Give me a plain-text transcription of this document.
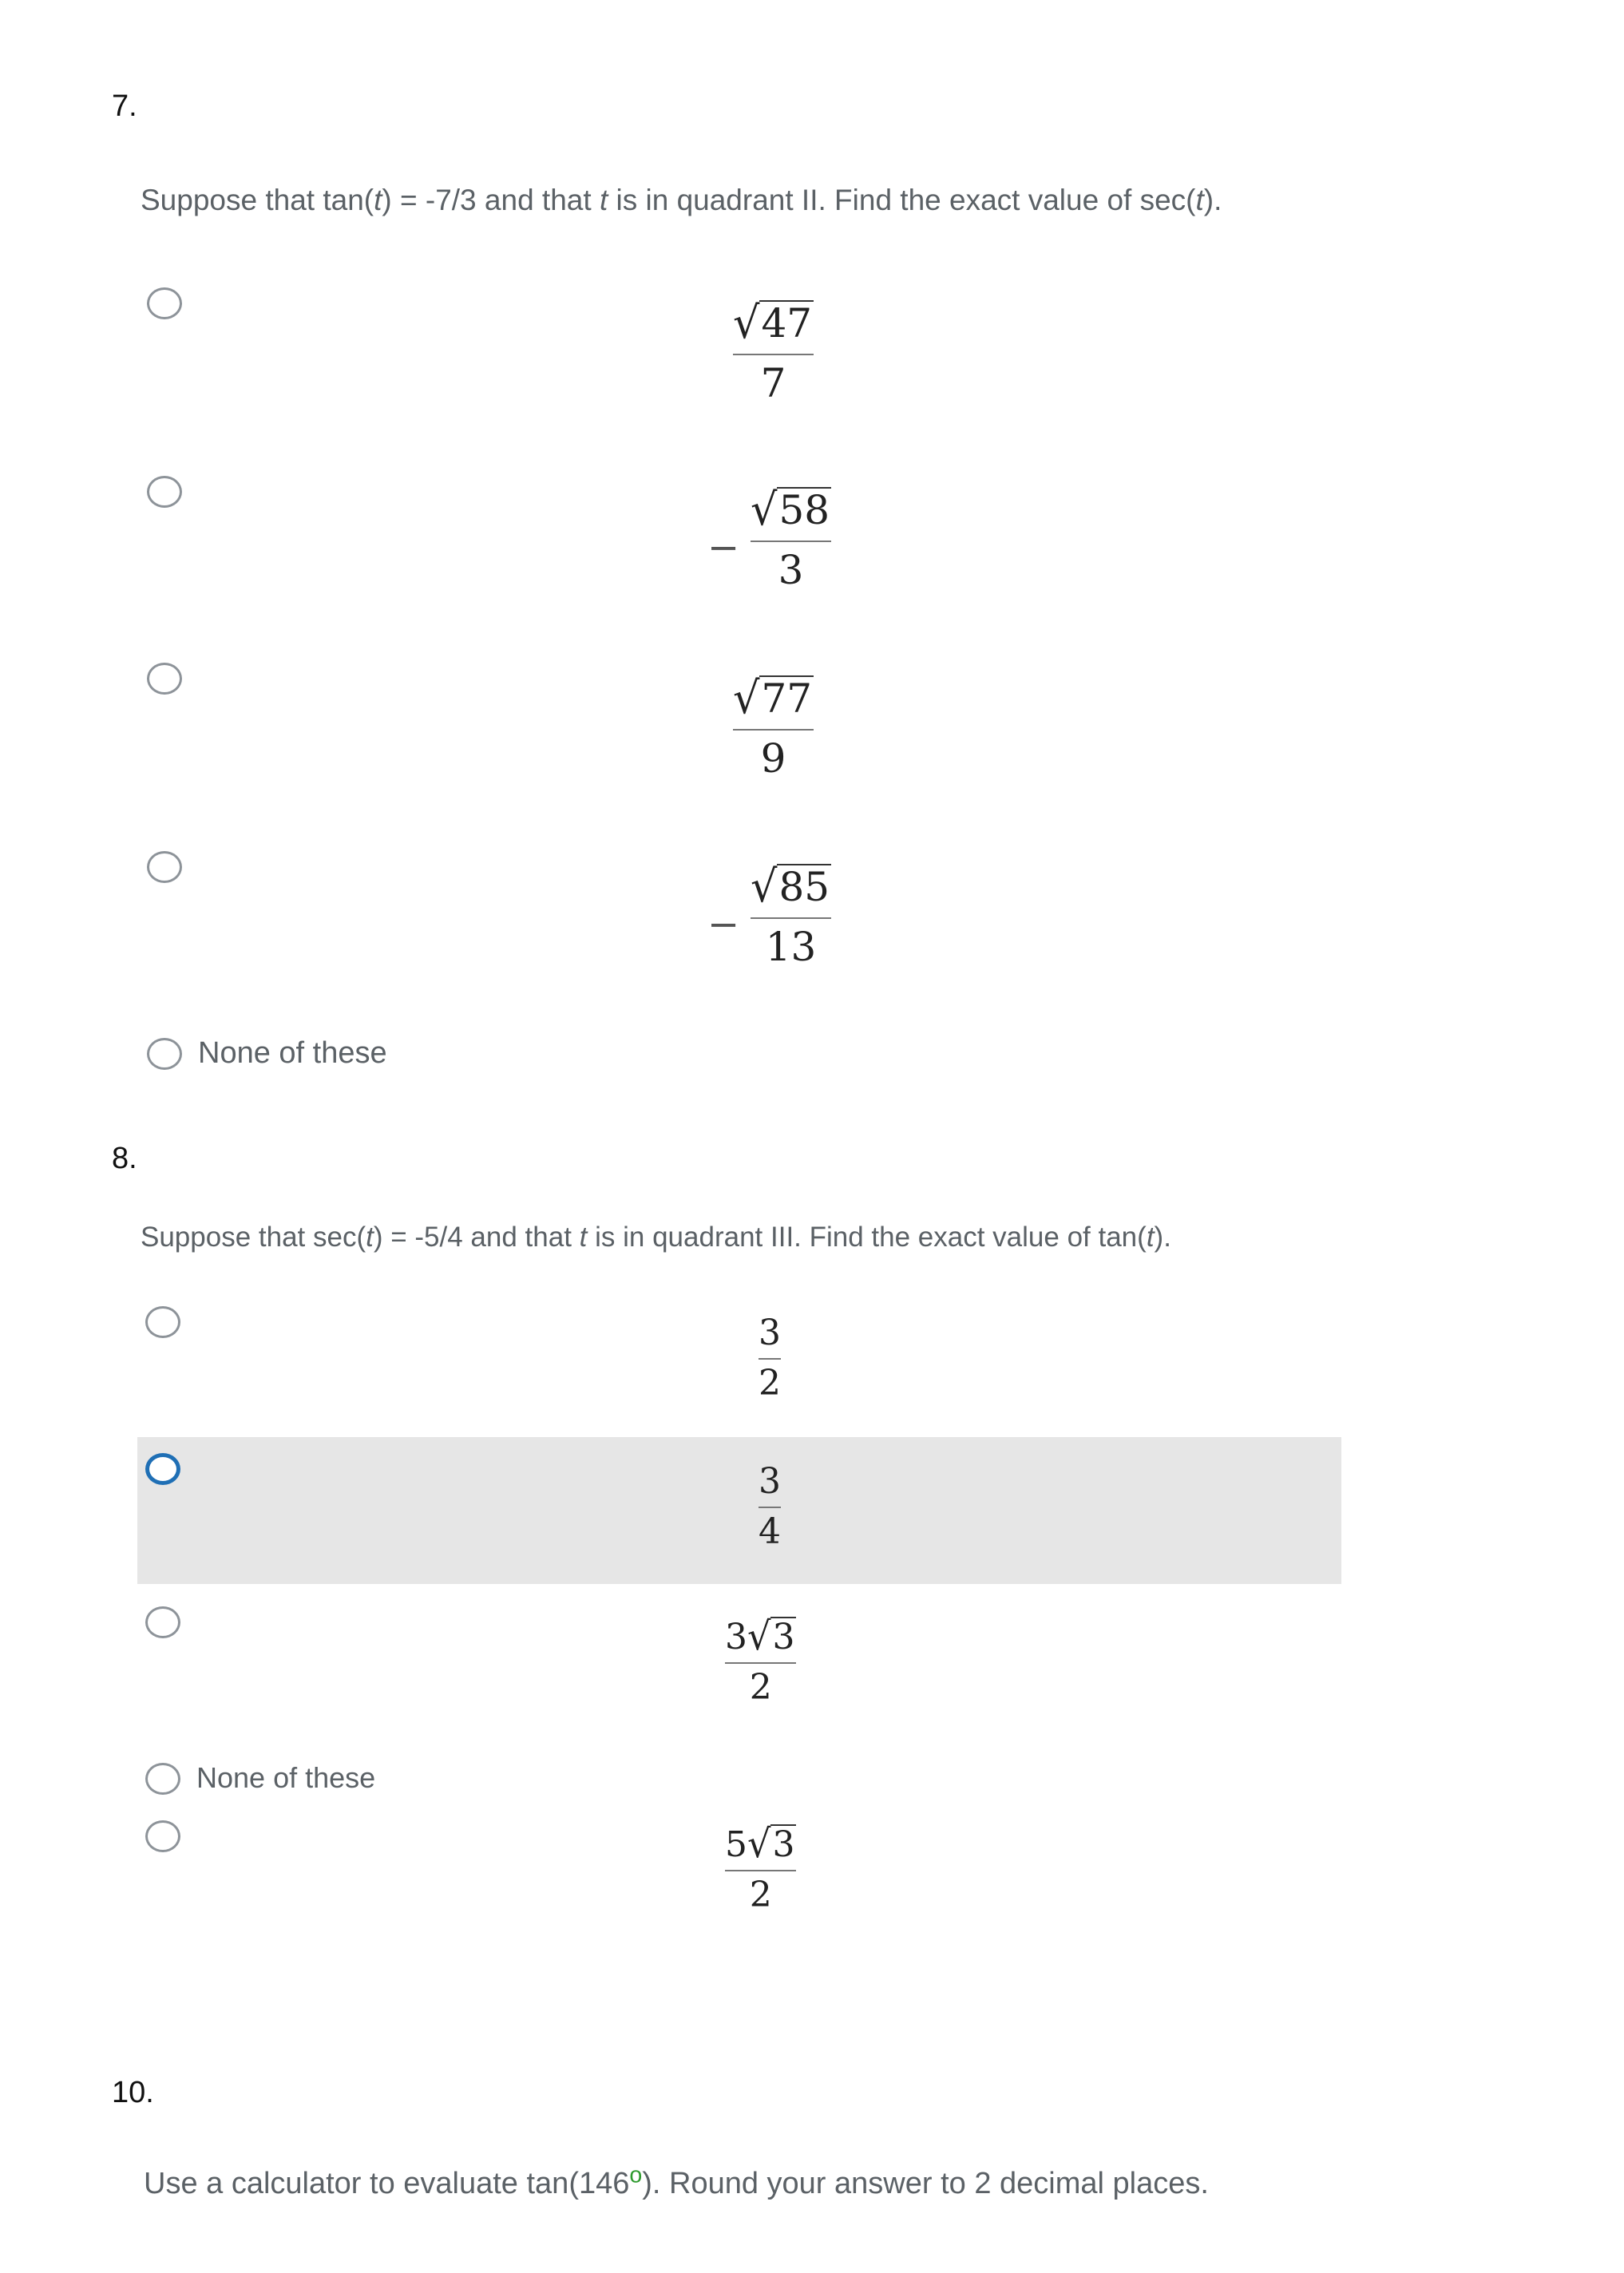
7.
Suppose that tan(t) = -7/3 and that t is in quadrant II. Find the exact value of sec(t).
√47
7
−
√58
3
√77
9
−
√85
13
None of these
8.
Suppose that sec(t) = -5/4 and that t is in quadrant III. Find the exact value of tan(t).
3
2
3
4
3√3
2
None of these
5√3
2
10.
Use a calculator to evaluate tan(146$^o$). Round your answer to 2 decimal places.
